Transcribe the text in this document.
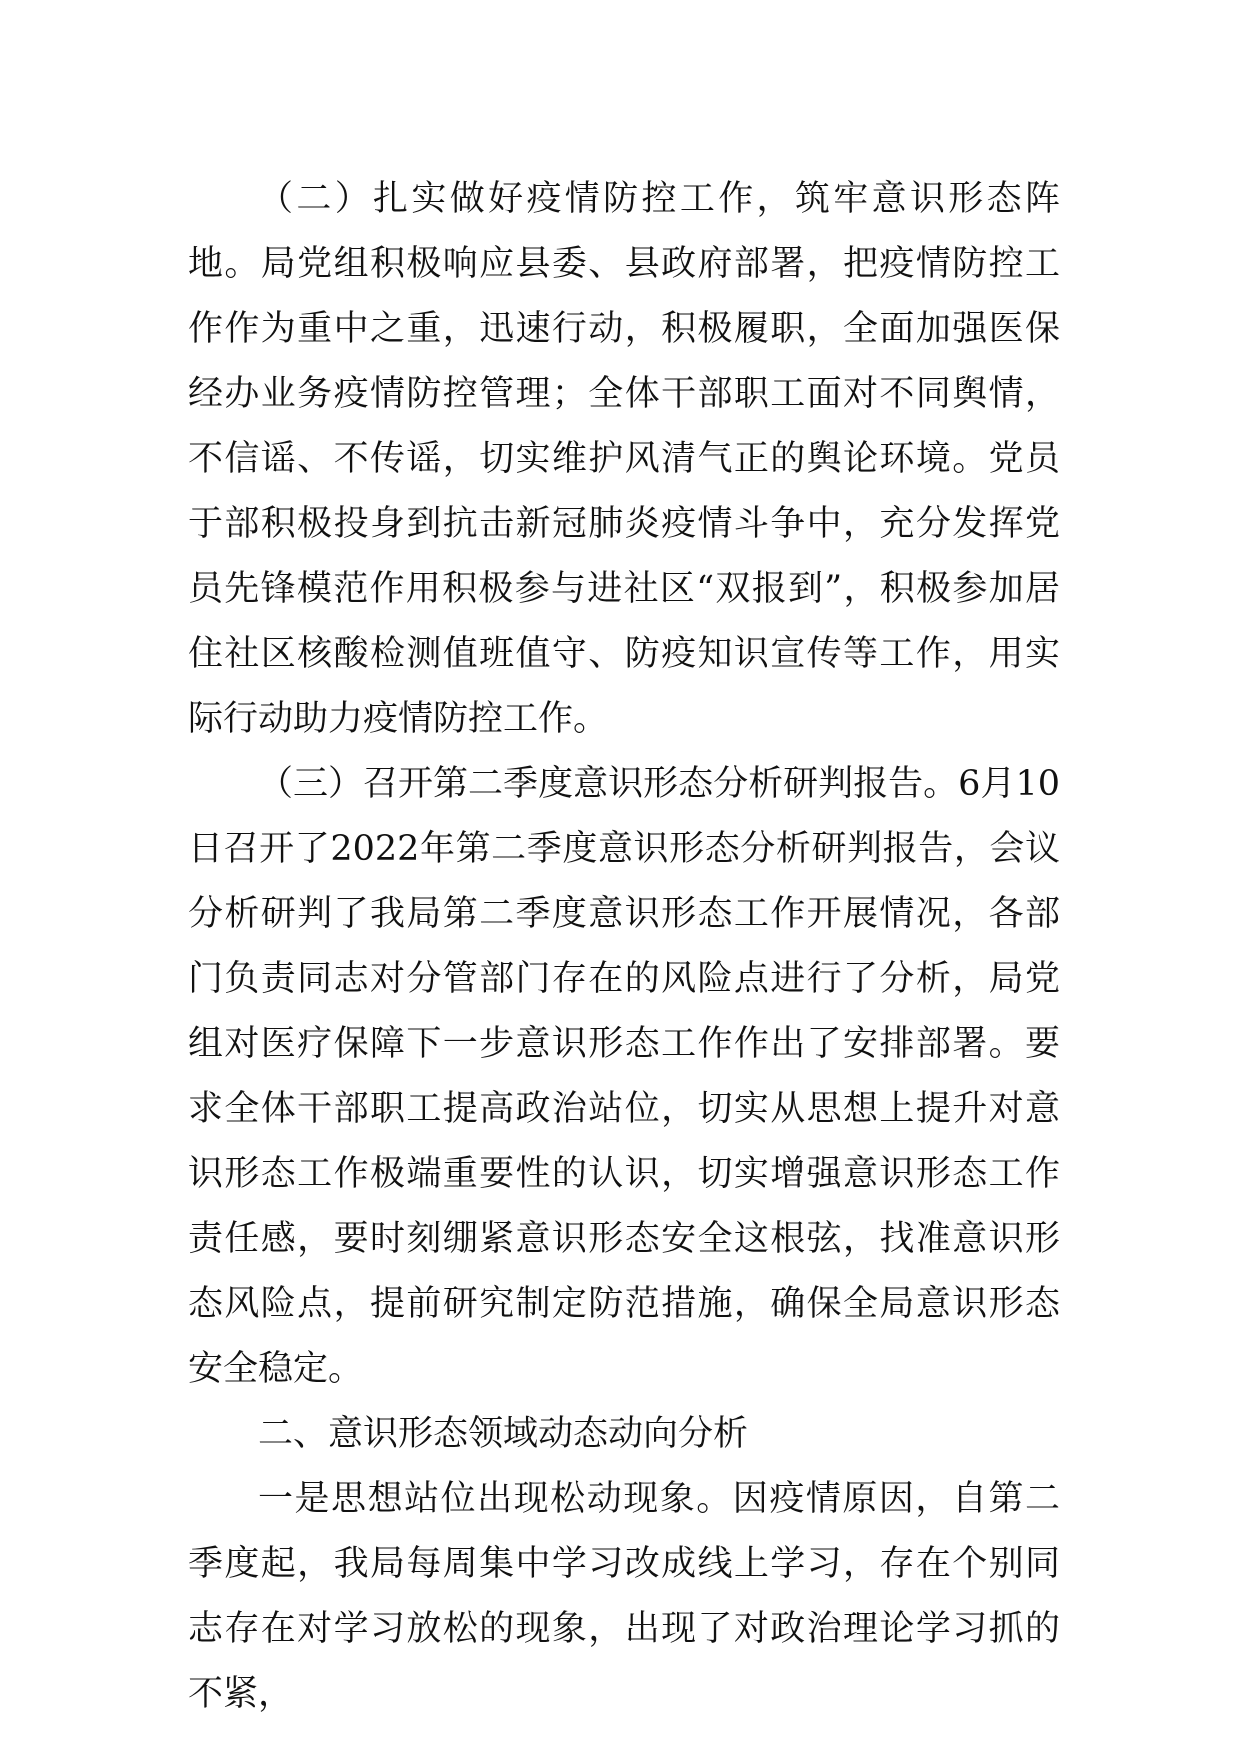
（二）扎实做好疫情防控工作，筑牢意识形态阵地。局党组积极响应县委、县政府部署，把疫情防控工作作为重中之重，迅速行动，积极履职，全面加强医保经办业务疫情防控管理；全体干部职工面对不同舆情，不信谣、不传谣，切实维护风清气正的舆论环境。党员于部积极投身到抗击新冠肺炎疫情斗争中，充分发挥党员先锋模范作用积极参与进社区“双报到”，积极参加居住社区核酸检测值班值守、防疫知识宣传等工作，用实际行动助力疫情防控工作。

（三）召开第二季度意识形态分析研判报告。6月10日召开了2022年第二季度意识形态分析研判报告，会议分析研判了我局第二季度意识形态工作开展情况，各部门负责同志对分管部门存在的风险点进行了分析，局党组对医疗保障下一步意识形态工作作出了安排部署。要求全体干部职工提高政治站位，切实从思想上提升对意识形态工作极端重要性的认识，切实增强意识形态工作责任感，要时刻绷紧意识形态安全这根弦，找准意识形态风险点，提前研究制定防范措施，确保全局意识形态安全稳定。

二、意识形态领域动态动向分析

一是思想站位出现松动现象。因疫情原因，自第二季度起，我局每周集中学习改成线上学习，存在个别同志存在对学习放松的现象，出现了对政治理论学习抓的不紧，
